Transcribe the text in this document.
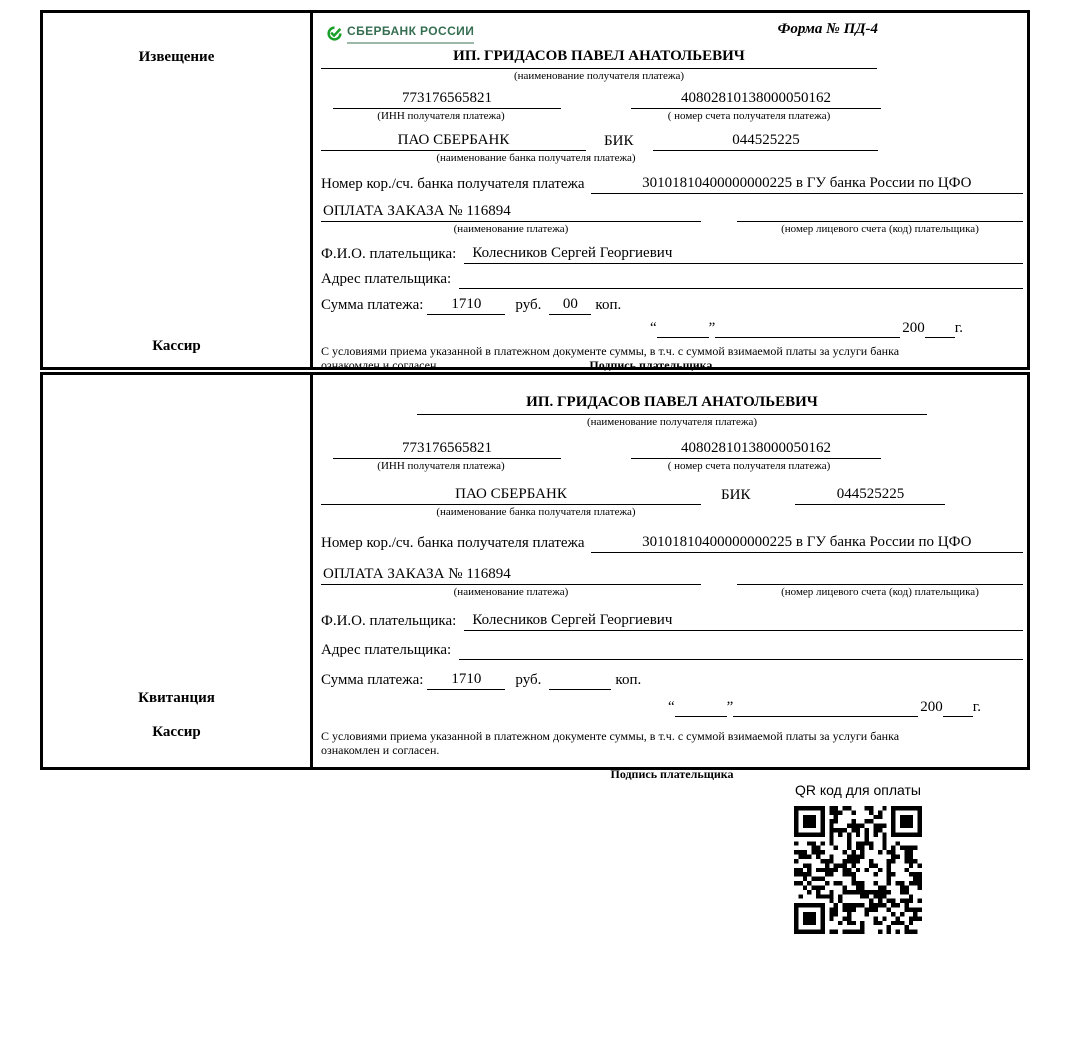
Извещение
Кассир
СБЕРБАНК РОССИИ	Форма № ПД-4
ИП. ГРИДАСОВ ПАВЕЛ АНАТОЛЬЕВИЧ
(наименование получателя платежа)
773176565821	40802810138000050162
(ИНН получателя платежа)	( номер счета получателя платежа)
ПАО СБЕРБАНК	БИК	044525225
(наименование банка получателя платежа)
Номер кор./сч. банка получателя платежа	30101810400000000225 в ГУ банка России по ЦФО
ОПЛАТА ЗАКАЗА № 116894
(наименование платежа)	(номер лицевого счета (код) плательщика)
Ф.И.О. плательщика:	Колесников Сергей Георгиевич
Адрес плательщика:
Сумма платежа:	1710	руб.	00	коп.
“	”	200 г.
С условиями приема указанной в платежном документе суммы, в т.ч. с суммой взимаемой платы за услуги банка
ознакомлен и согласен.	Подпись плательщика
Квитанция
Кассир
ИП. ГРИДАСОВ ПАВЕЛ АНАТОЛЬЕВИЧ
(наименование получателя платежа)
773176565821	40802810138000050162
(ИНН получателя платежа)	( номер счета получателя платежа)
ПАО СБЕРБАНК	БИК	044525225
(наименование банка получателя платежа)
Номер кор./сч. банка получателя платежа	30101810400000000225 в ГУ банка России по ЦФО
ОПЛАТА ЗАКАЗА № 116894
(наименование платежа)	(номер лицевого счета (код) плательщика)
Ф.И.О. плательщика:	Колесников Сергей Георгиевич
Адрес плательщика:
Сумма платежа:	1710	руб.	коп.
“	”	200 г.
С условиями приема указанной в платежном документе суммы, в т.ч. с суммой взимаемой платы за услуги банка
ознакомлен и согласен.
Подпись плательщика
QR код для оплаты
